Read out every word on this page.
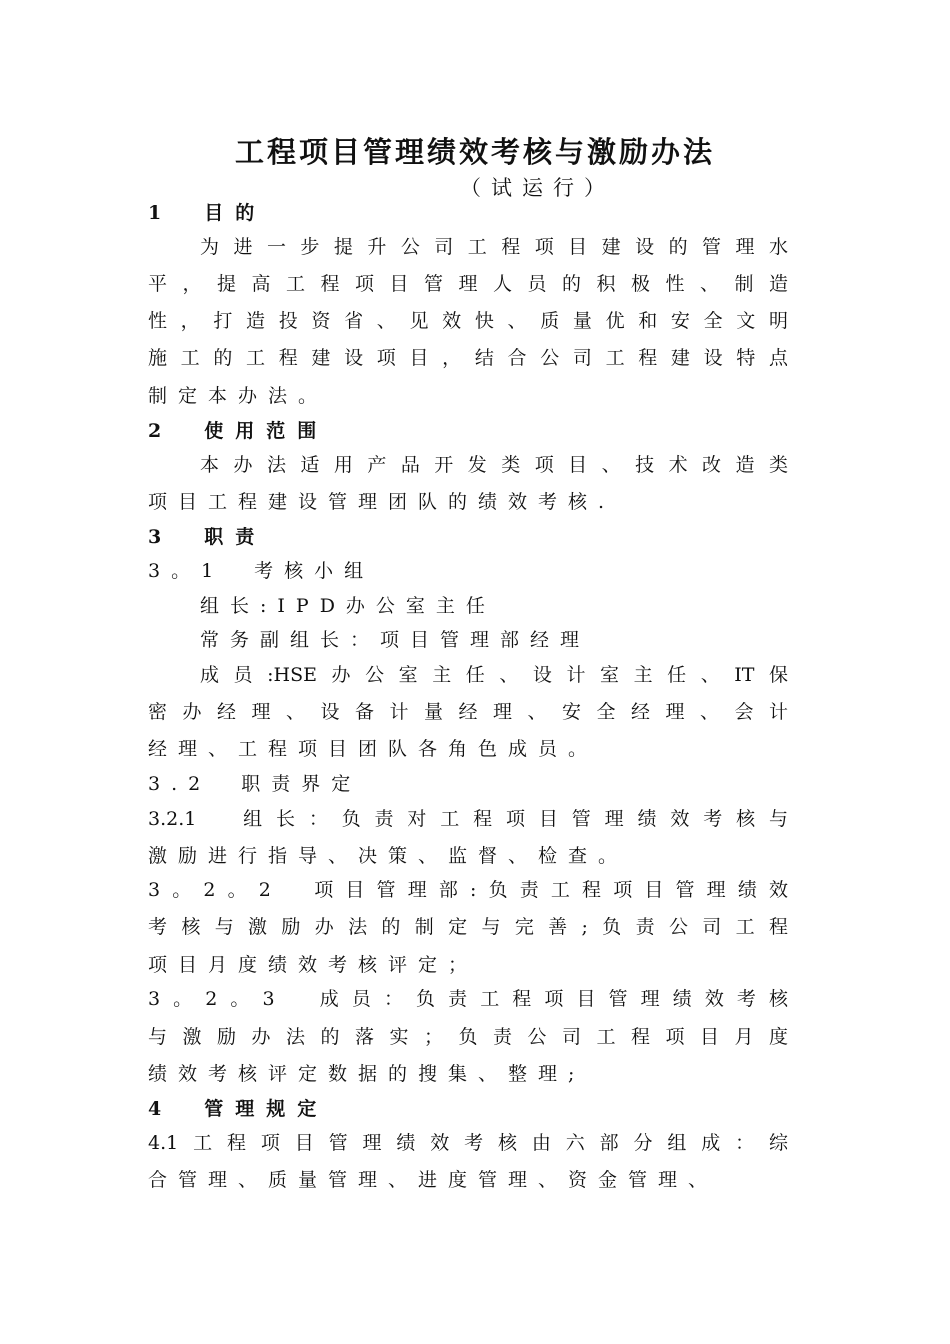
工程项目管理绩效考核与激励办法
（试运行）
1　目的
为进一步提升公司工程项目建设的管理水
平，提高工程项目管理人员的积极性、制造
性，打造投资省、见效快、质量优和安全文明
施工的工程建设项目，结合公司工程建设特点
制定本办法。
2　使用范围
本办法适用产品开发类项目、技术改造类
项目工程建设管理团队的绩效考核.
3　职责
3。1　考核小组
组长:IPD办公室主任
常务副组长：项目管理部经理
成员:HSE办公室主任、设计室主任、IT保
密办经理、设备计量经理、安全经理、会计
经理、工程项目团队各角色成员。
3.2　职责界定
3.2.1　组长：负责对工程项目管理绩效考核与
激励进行指导、决策、监督、检查。
3。2。2　项目管理部:负责工程项目管理绩效
考核与激励办法的制定与完善;负责公司工程
项目月度绩效考核评定；
3。2。3　成员：负责工程项目管理绩效考核
与激励办法的落实；负责公司工程项目月度
绩效考核评定数据的搜集、整理;
4　管理规定
4.1工程项目管理绩效考核由六部分组成：综
合管理、质量管理、进度管理、资金管理、
